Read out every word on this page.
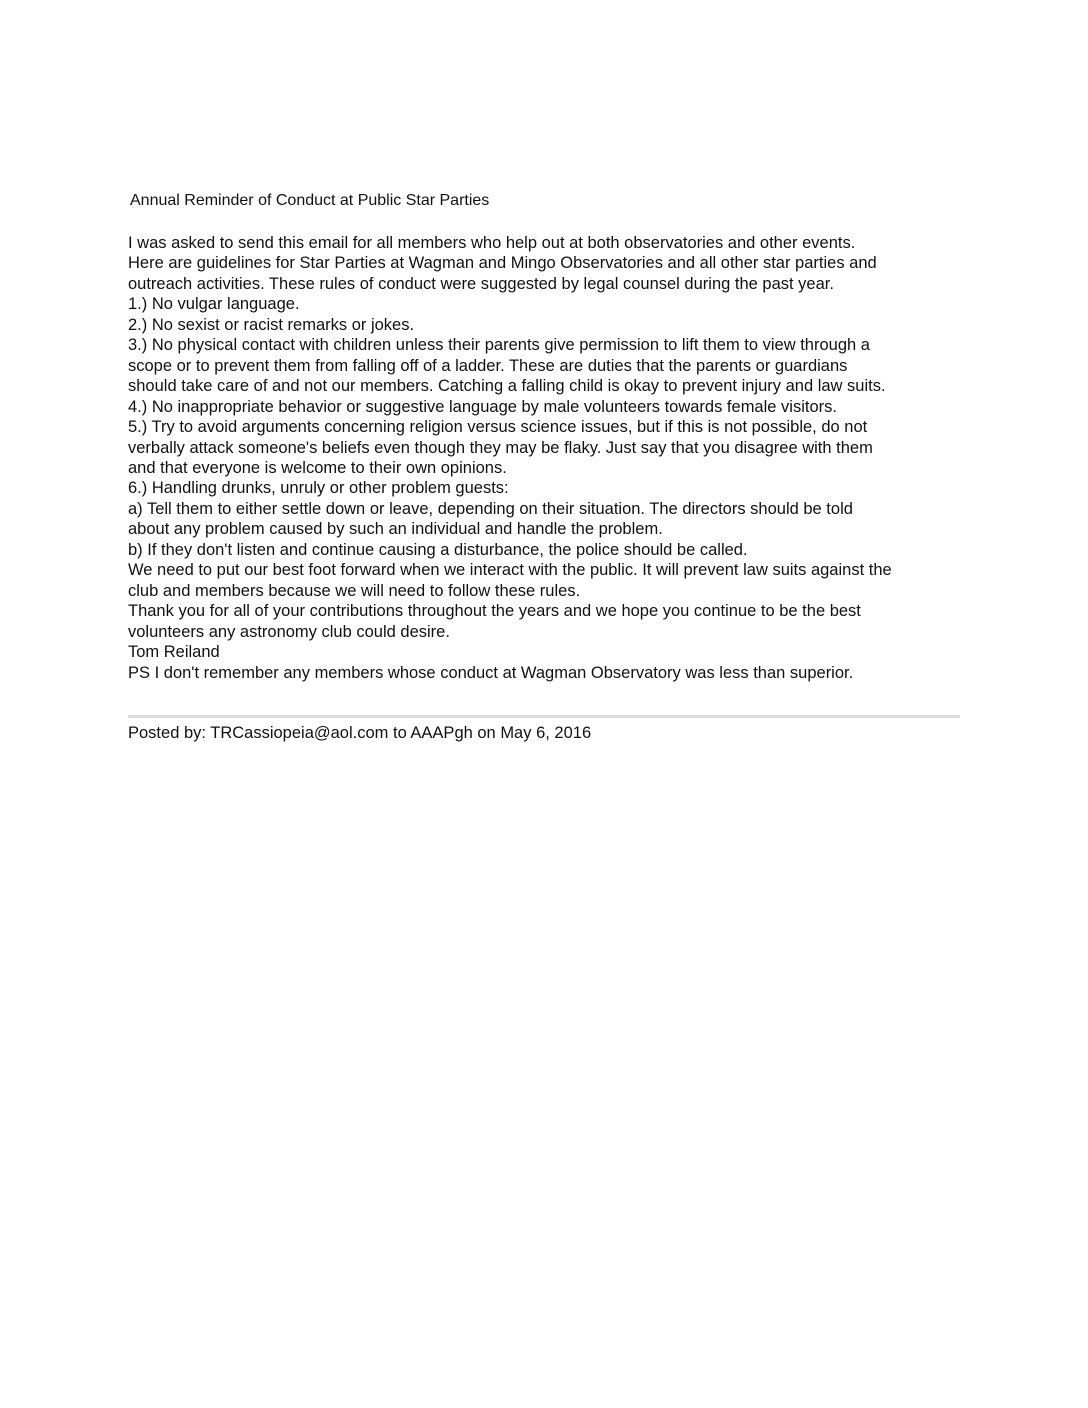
Annual Reminder of Conduct at Public Star Parties
I was asked to send this email for all members who help out at both observatories and other events.
Here are guidelines for Star Parties at Wagman and Mingo Observatories and all other star parties and
outreach activities. These rules of conduct were suggested by legal counsel during the past year.
1.) No vulgar language.
2.) No sexist or racist remarks or jokes.
3.) No physical contact with children unless their parents give permission to lift them to view through a
scope or to prevent them from falling off of a ladder. These are duties that the parents or guardians
should take care of and not our members. Catching a falling child is okay to prevent injury and law suits.
4.) No inappropriate behavior or suggestive language by male volunteers towards female visitors.
5.) Try to avoid arguments concerning religion versus science issues, but if this is not possible, do not
verbally attack someone's beliefs even though they may be flaky. Just say that you disagree with them
and that everyone is welcome to their own opinions.
6.) Handling drunks, unruly or other problem guests:
a) Tell them to either settle down or leave, depending on their situation. The directors should be told
about any problem caused by such an individual and handle the problem.
b) If they don't listen and continue causing a disturbance, the police should be called.
We need to put our best foot forward when we interact with the public. It will prevent law suits against the
club and members because we will need to follow these rules.
Thank you for all of your contributions throughout the years and we hope you continue to be the best
volunteers any astronomy club could desire.
Tom Reiland
PS I don't remember any members whose conduct at Wagman Observatory was less than superior.
Posted by: TRCassiopeia@aol.com to AAAPgh on May 6, 2016
